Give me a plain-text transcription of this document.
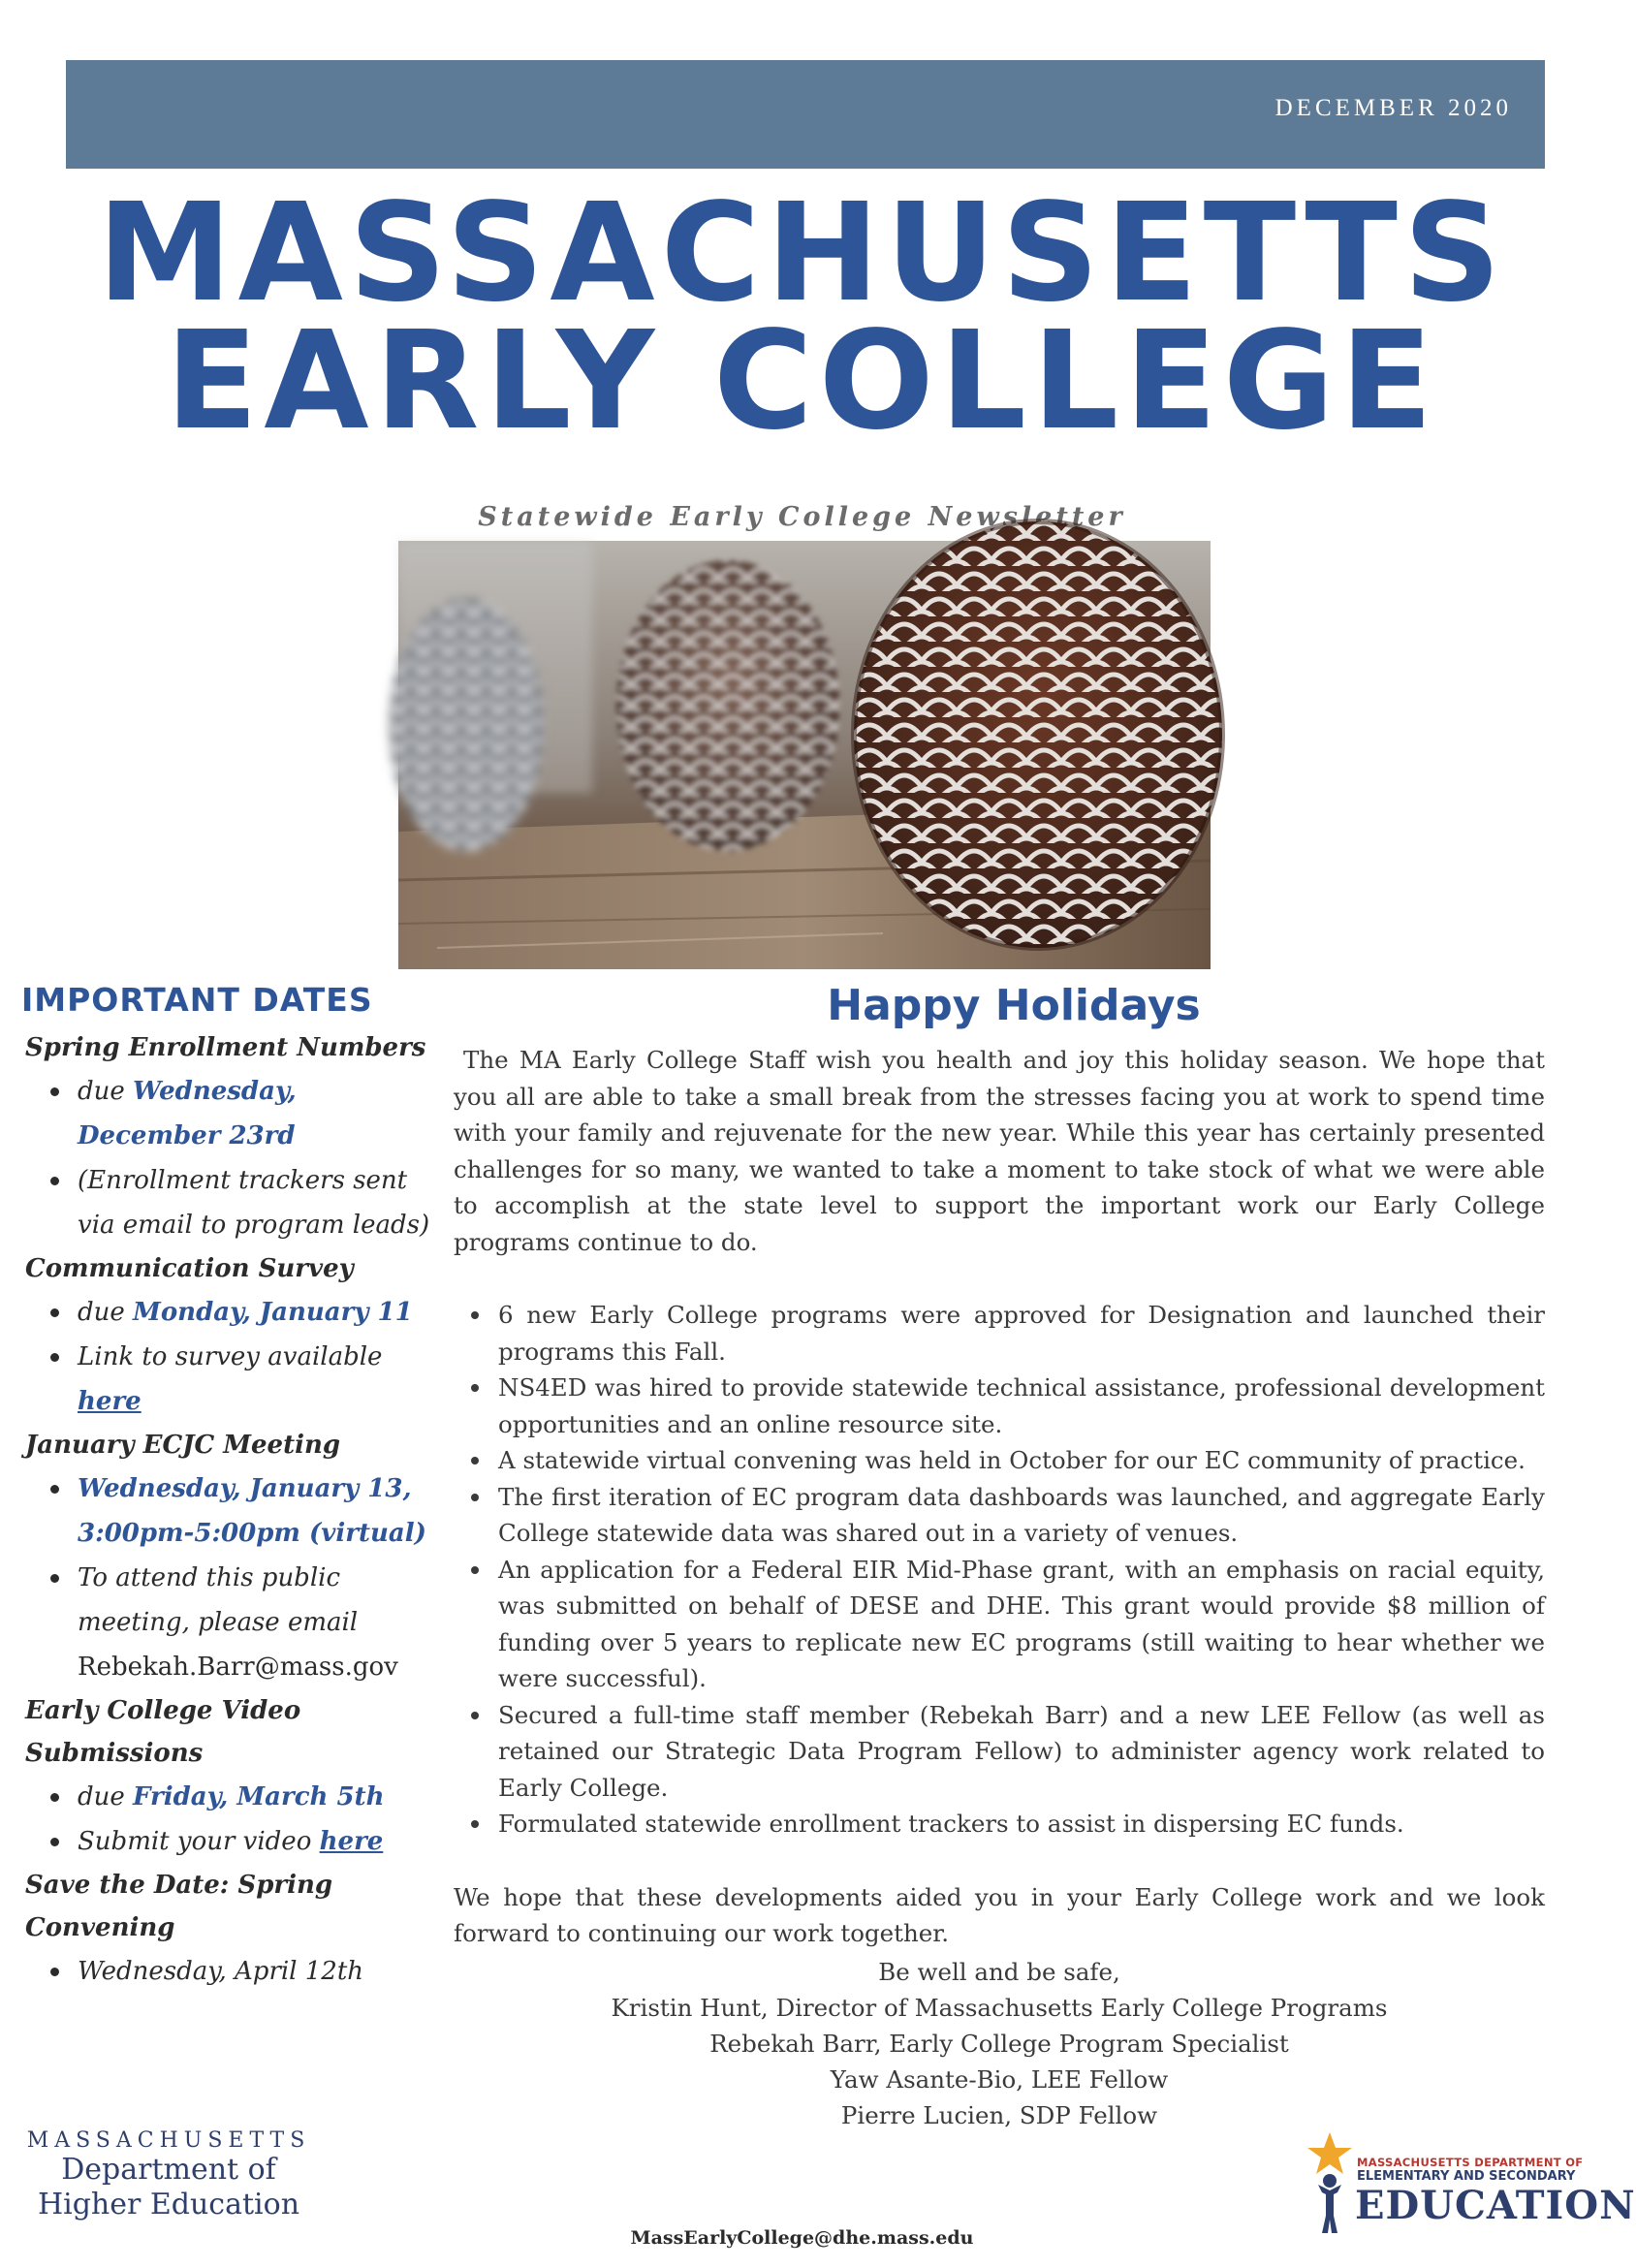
DECEMBER 2020
MASSACHUSETTS
EARLY COLLEGE
Statewide Early College Newsletter
IMPORTANT DATES
Spring Enrollment Numbers
due Wednesday, December 23rd
(Enrollment trackers sent via email to program leads)
Communication Survey
due Monday, January 11
Link to survey available here
January ECJC Meeting
Wednesday, January 13, 3:00pm-5:00pm (virtual)
To attend this public meeting, please email Rebekah.Barr@mass.gov
Early College Video Submissions
due Friday, March 5th
Submit your video here
Save the Date: Spring Convening
Wednesday, April 12th
Happy Holidays

The MA Early College Staff wish you health and joy this holiday season. We hope that you all are able to take a small break from the stresses facing you at work to spend time with your family and rejuvenate for the new year. While this year has certainly presented challenges for so many, we wanted to take a moment to take stock of what we were able to accomplish at the state level to support the important work our Early College programs continue to do.

6 new Early College programs were approved for Designation and launched their programs this Fall.
NS4ED was hired to provide statewide technical assistance, professional development opportunities and an online resource site.
A statewide virtual convening was held in October for our EC community of practice.
The first iteration of EC program data dashboards was launched, and aggregate Early College statewide data was shared out in a variety of venues.
An application for a Federal EIR Mid-Phase grant, with an emphasis on racial equity, was submitted on behalf of DESE and DHE. This grant would provide $8 million of funding over 5 years to replicate new EC programs (still waiting to hear whether we were successful).
Secured a full-time staff member (Rebekah Barr) and a new LEE Fellow (as well as retained our Strategic Data Program Fellow) to administer agency work related to Early College.
Formulated statewide enrollment trackers to assist in dispersing EC funds.

We hope that these developments aided you in your Early College work and we look forward to continuing our work together.

Be well and be safe,
Kristin Hunt, Director of Massachusetts Early College Programs
Rebekah Barr, Early College Program Specialist
Yaw Asante-Bio, LEE Fellow
Pierre Lucien, SDP Fellow
MASSACHUSETTS
Department of
Higher Education
MASSACHUSETTS DEPARTMENT OF
ELEMENTARY AND SECONDARY
EDUCATION
MassEarlyCollege@dhe.mass.edu
